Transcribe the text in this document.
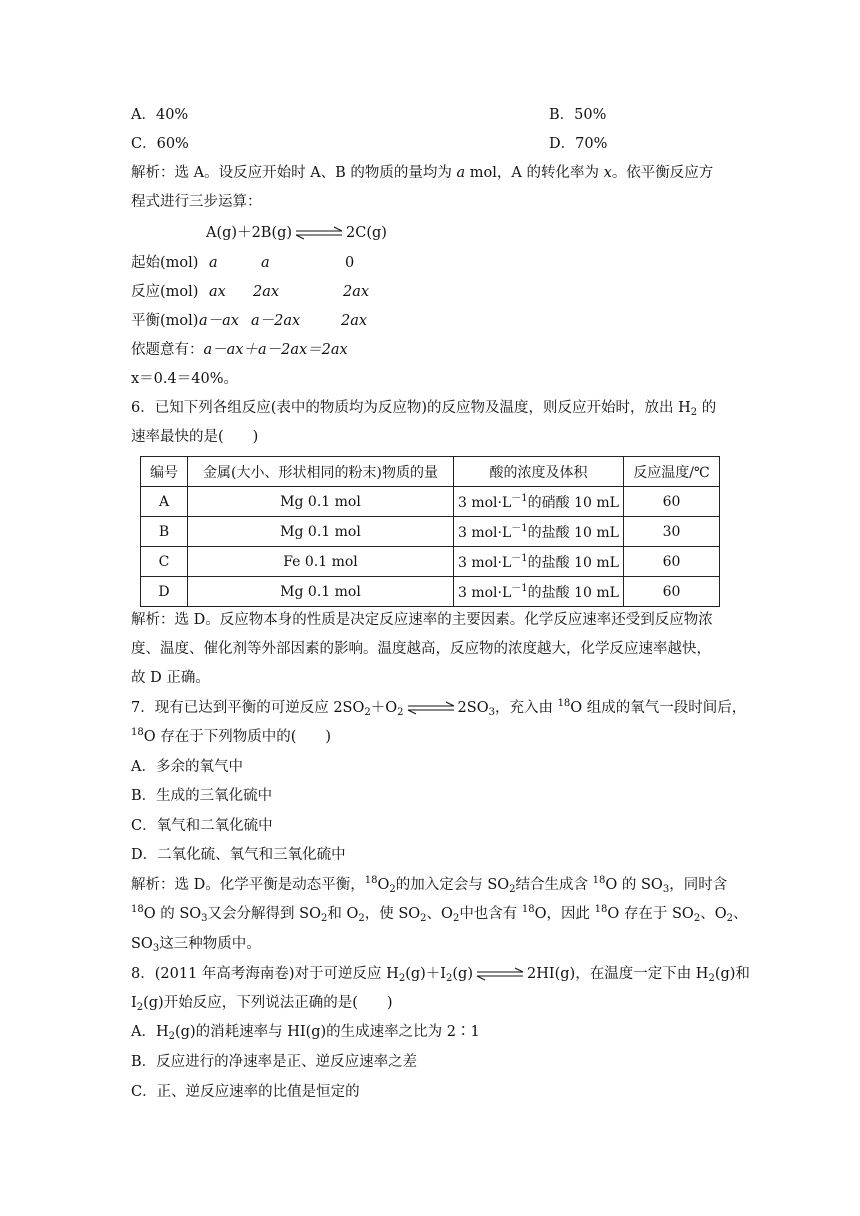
A．40%	B．50%
C．60%	D．70%
解析：选 A。设反应开始时 A、B 的物质的量均为 a mol，A 的转化率为 x。依平衡反应方
程式进行三步运算：
A(g)＋2B(g) ⇌ 2C(g)
起始(mol) a	a	0
反应(mol) ax 2ax	2ax
平衡(mol) a－ax a－2ax	2ax
依题意有：a－ax＋a－2ax＝2ax
x＝0.4＝40%。
6．已知下列各组反应(表中的物质均为反应物)的反应物及温度，则反应开始时，放出 $H_2$ 的
速率最快的是(　　)
编号	金属(大小、形状相同的粉末)物质的量	酸的浓度及体积	反应温度/℃
A	Mg 0.1 mol	3 $mol\cdot L^{-1}$的硝酸 10 mL	60
B	Mg 0.1 mol	3 $mol\cdot L^{-1}$的盐酸 10 mL	30
C	Fe 0.1 mol	3 $mol\cdot L^{-1}$的盐酸 10 mL	60
D	Mg 0.1 mol	3 $mol\cdot L^{-1}$的盐酸 10 mL	60
解析：选 D。反应物本身的性质是决定反应速率的主要因素。化学反应速率还受到反应物浓
度、温度、催化剂等外部因素的影响。温度越高，反应物的浓度越大，化学反应速率越快，
故 D 正确。
7．现有已达到平衡的可逆反应 $2SO_2+O_2$ ⇌ $2SO_3$，充入由 $^{18}$O 组成的氧气一段时间后，
$^{18}$O 存在于下列物质中的(　　)
A．多余的氧气中
B．生成的三氧化硫中
C．氧气和二氧化硫中
D．二氧化硫、氧气和三氧化硫中
解析：选 D。化学平衡是动态平衡，$^{18}O_2$的加入定会与 $SO_2$结合生成含 $^{18}$O 的 $SO_3$，同时含
$^{18}$O 的 $SO_3$又会分解得到 $SO_2$和 $O_2$，使 $SO_2$、$O_2$中也含有 $^{18}$O，因此 $^{18}$O 存在于 $SO_2$、$O_2$、
$SO_3$这三种物质中。
8．(2011 年高考海南卷)对于可逆反应 $H_2(g)+I_2(g)$ ⇌ 2HI(g)，在温度一定下由 $H_2(g)$和
$I_2(g)$开始反应，下列说法正确的是(　　)
A．$H_2(g)$的消耗速率与 HI(g)的生成速率之比为 2∶1
B．反应进行的净速率是正、逆反应速率之差
C．正、逆反应速率的比值是恒定的
